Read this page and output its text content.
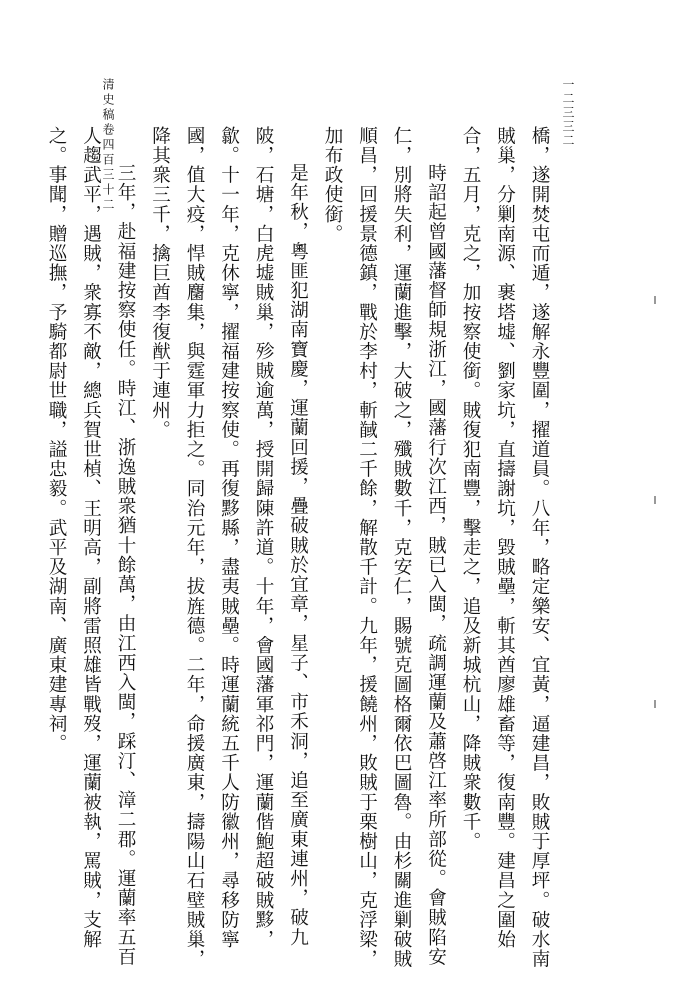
一二三三二
清史稿卷四百三十二	橋，遂開焚屯而遁，遂解永豐圍，擢道員。八年，略定樂安、宜黃，逼建昌，敗賊于厚坪。破水南賊巢，分剿南源、裹塔墟、劉家坑，直擣謝坑，毀賊壘，斬其酋廖雄畜等，復南豐。建昌之圍始合，五月，克之，加按察使銜。賊復犯南豐，擊走之，追及新城杭山，降賊衆數千。

時詔起曾國藩督師規浙江，國藩行次江西，賊已入閩，疏調運蘭及蕭啓江率所部從。會賊陷安仁，別將失利，運蘭進擊，大破之，殲賊數千，克安仁，賜號克圖格爾依巴圖魯。由杉關進剿破賊順昌，回援景德鎮，戰於李村，斬馘二千餘，解散千計。九年，援饒州，敗賊于栗樹山，克浮梁，加布政使銜。

是年秋，粵匪犯湖南寶慶，運蘭回援，疊破賊於宜章，星子、市禾洞，追至廣東連州，破九陂，石塘，白虎墟賊巢，殄賊逾萬，授開歸陳許道。十年，會國藩軍祁門，運蘭偕鮑超破賊黟，歙。十一年，克休寧，擢福建按察使。再復黟縣，盡夷賊壘。時運蘭統五千人防徽州，尋移防寧國，值大疫，悍賊麕集，與霆軍力拒之。同治元年，拔旌德。二年，命援廣東，擣陽山石壁賊巢，降其衆三千，擒巨酋李復猷于連州。

三年，赴福建按察使任。時江、浙逸賊衆猶十餘萬，由江西入閩，踩汀、漳二郡。運蘭率五百人趨武平，遇賊，衆寡不敵，總兵賀世楨、王明高，副將雷照雄皆戰歿，運蘭被執，罵賊，支解之。事聞，贈巡撫，予騎都尉世職，謚忠毅。武平及湖南、廣東建專祠。
